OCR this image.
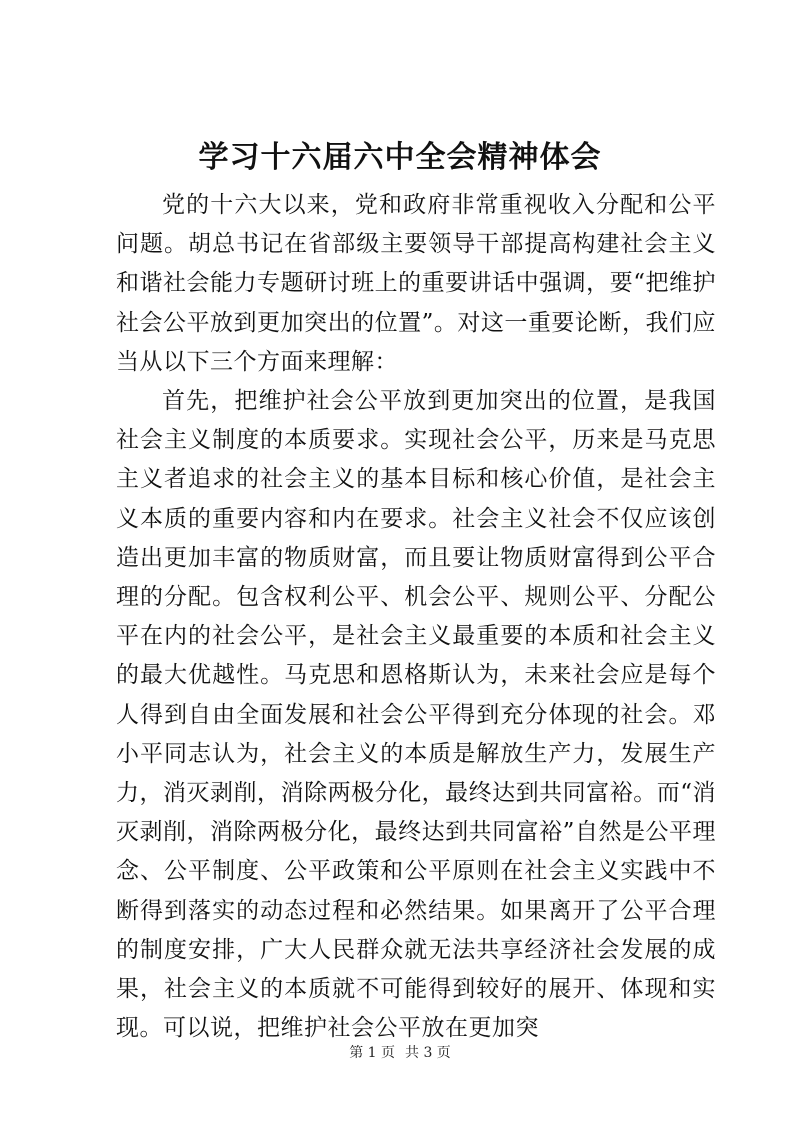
学习十六届六中全会精神体会

党的十六大以来，党和政府非常重视收入分配和公平问题。胡总书记在省部级主要领导干部提高构建社会主义和谐社会能力专题研讨班上的重要讲话中强调，要“把维护社会公平放到更加突出的位置”。对这一重要论断，我们应当从以下三个方面来理解：

首先，把维护社会公平放到更加突出的位置，是我国社会主义制度的本质要求。实现社会公平，历来是马克思主义者追求的社会主义的基本目标和核心价值，是社会主义本质的重要内容和内在要求。社会主义社会不仅应该创造出更加丰富的物质财富，而且要让物质财富得到公平合理的分配。包含权利公平、机会公平、规则公平、分配公平在内的社会公平，是社会主义最重要的本质和社会主义的最大优越性。马克思和恩格斯认为，未来社会应是每个人得到自由全面发展和社会公平得到充分体现的社会。邓小平同志认为，社会主义的本质是解放生产力，发展生产力，消灭剥削，消除两极分化，最终达到共同富裕。而“消灭剥削，消除两极分化，最终达到共同富裕”自然是公平理念、公平制度、公平政策和公平原则在社会主义实践中不断得到落实的动态过程和必然结果。如果离开了公平合理的制度安排，广大人民群众就无法共享经济社会发展的成果，社会主义的本质就不可能得到较好的展开、体现和实现。可以说，把维护社会公平放在更加突

第 1 页 共 3 页
